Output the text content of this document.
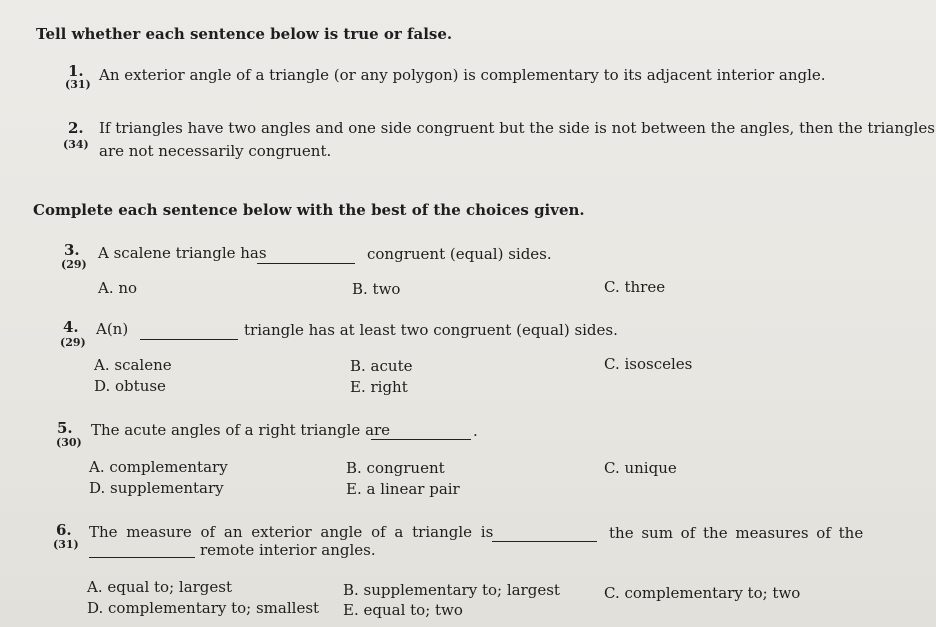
Tell whether each sentence below is true or false.
1.
(31)
An exterior angle of a triangle (or any polygon) is complementary to its adjacent interior angle.
2.
(34)
If triangles have two angles and one side congruent but the side is not between the angles, then the triangles
are not necessarily congruent.
Complete each sentence below with the best of the choices given.
3.
(29)
A scalene triangle has	congruent (equal) sides.
A. no	B. two	C. three
4.
(29)
A(n)	triangle has at least two congruent (equal) sides.
A. scalene	B. acute	C. isosceles
D. obtuse	E. right
5.
(30)
The acute angles of a right triangle are	.
A. complementary	B. congruent	C. unique
D. supplementary	E. a linear pair
6.
(31)
The measure of an exterior angle of a triangle is	the sum of the measures of the
remote interior angles.
A. equal to; largest	B. supplementary to; largest	C. complementary to; two
D. complementary to; smallest E. equal to; two
